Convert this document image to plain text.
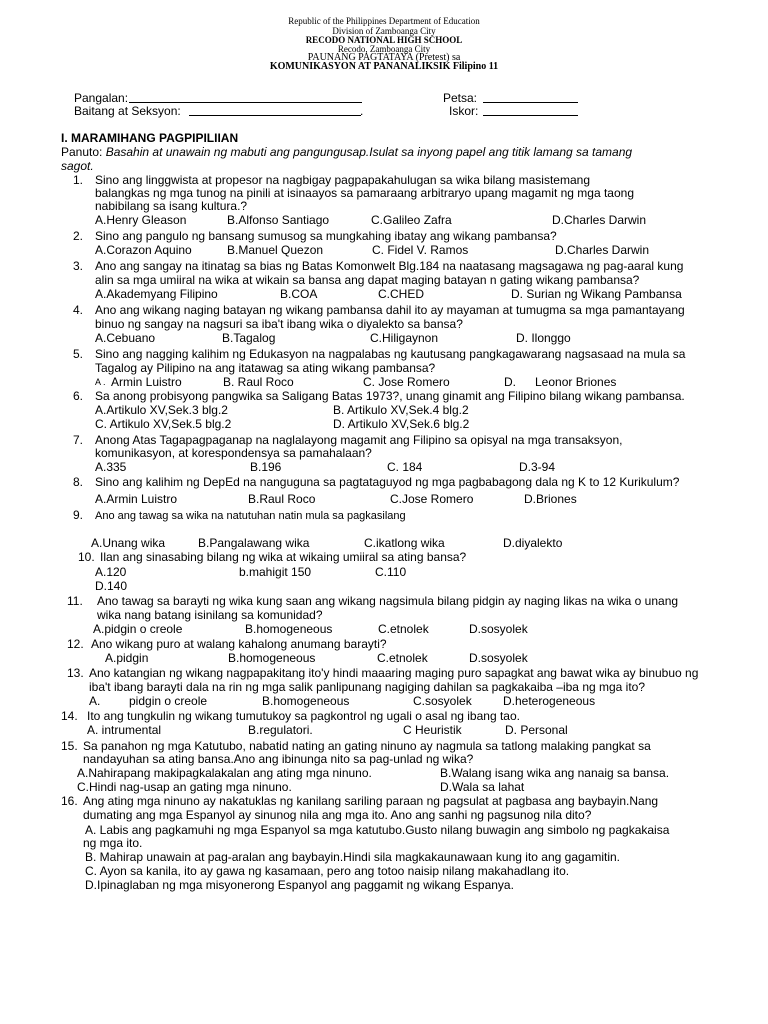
Republic of the Philippines Department of Education
Division of Zamboanga City
RECODO NATIONAL HIGH SCHOOL
Recodo, Zamboanga City
PAUNANG PAGTATAYA (Pretest) sa
KOMUNIKASYON AT PANANALIKSIK Filipino 11
Pangalan:
Baitang at Seksyon:	.
Petsa:
Iskor:
I. MARAMIHANG PAGPIPILIIAN
Panuto: Basahin at unawain ng mabuti ang pangungusap.Isulat sa inyong papel ang titik lamang sa tamang
sagot.
1. Sino ang linggwista at propesor na nagbigay pagpapakahulugan sa wika bilang masistemang
balangkas ng mga tunog na pinili at isinaayos sa pamaraang arbitraryo upang magamit ng mga taong
nabibilang sa isang kultura.?
A.Henry Gleason	B.Alfonso Santiago	C.Galileo Zafra	D.Charles Darwin
2. Sino ang pangulo ng bansang sumusog sa mungkahing ibatay ang wikang pambansa?
A.Corazon Aquino	B.Manuel Quezon	C. Fidel V. Ramos	D.Charles Darwin
3. Ano ang sangay na itinatag sa bias ng Batas Komonwelt Blg.184 na naatasang magsagawa ng pag-aaral kung
alin sa mga umiiral na wika at wikain sa bansa ang dapat maging batayan n gating wikang pambansa?
A.Akademyang Filipino	B.COA	C.CHED	D. Surian ng Wikang Pambansa
4. Ano ang wikang naging batayan ng wikang pambansa dahil ito ay mayaman at tumugma sa mga pamantayang
binuo ng sangay na nagsuri sa iba't ibang wika o diyalekto sa bansa?
A.Cebuano	B.Tagalog	C.Hiligaynon	D. Ilonggo
5. Sino ang nagging kalihim ng Edukasyon na nagpalabas ng kautusang pangkagawarang nagsasaad na mula sa
Tagalog ay Pilipino na ang itatawag sa ating wikang pambansa?
A . Armin Luistro	B. Raul Roco	C. Jose Romero	D. Leonor Briones
6. Sa anong probisyong pangwika sa Saligang Batas 1973?, unang ginamit ang Filipino bilang wikang pambansa.
A.Artikulo XV,Sek.3 blg.2	B. Artikulo XV,Sek.4 blg.2
C. Artikulo XV,Sek.5 blg.2	D. Artikulo XV,Sek.6 blg.2
7. Anong Atas Tagapagpaganap na naglalayong magamit ang Filipino sa opisyal na mga transaksyon,
komunikasyon, at korespondensya sa pamahalaan?
A.335	B.196	C. 184	D.3-94
8. Sino ang kalihim ng DepEd na nanguguna sa pagtataguyod ng mga pagbabagong dala ng K to 12 Kurikulum?
A.Armin Luistro	B.Raul Roco	C.Jose Romero	D.Briones
9. Ano ang tawag sa wika na natutuhan natin mula sa pagkasilang
A.Unang wika	B.Pangalawang wika	C.ikatlong wika	D.diyalekto
10. Ilan ang sinasabing bilang ng wika at wikaing umiiral sa ating bansa?
A.120	b.mahigit 150	C.110
D.140
11. Ano tawag sa barayti ng wika kung saan ang wikang nagsimula bilang pidgin ay naging likas na wika o unang
wika nang batang isinilang sa komunidad?
A.pidgin o creole	B.homogeneous	C.etnolek	D.sosyolek
12. Ano wikang puro at walang kahalong anumang barayti?
A.pidgin	B.homogeneous	C.etnolek	D.sosyolek
13. Ano katangian ng wikang nagpapakitang ito'y hindi maaaring maging puro sapagkat ang bawat wika ay binubuo ng
iba't ibang barayti dala na rin ng mga salik panlipunang nagiging dahilan sa pagkakaiba –iba ng mga ito?
A. pidgin o creole	B.homogeneous	C.sosyolek	D.heterogeneous
14. Ito ang tungkulin ng wikang tumutukoy sa pagkontrol ng ugali o asal ng ibang tao.
A. intrumental	B.regulatori.	C Heuristik	D. Personal
15. Sa panahon ng mga Katutubo, nabatid nating an gating ninuno ay nagmula sa tatlong malaking pangkat sa
nandayuhan sa ating bansa.Ano ang ibinunga nito sa pag-unlad ng wika?
A.Nahirapang makipagkalakalan ang ating mga ninuno.	B.Walang isang wika ang nanaig sa bansa.
C.Hindi nag-usap an gating mga ninuno.	D.Wala sa lahat
16. Ang ating mga ninuno ay nakatuklas ng kanilang sariling paraan ng pagsulat at pagbasa ang baybayin.Nang
dumating ang mga Espanyol ay sinunog nila ang mga ito. Ano ang sanhi ng pagsunog nila dito?
A. Labis ang pagkamuhi ng mga Espanyol sa mga katutubo.Gusto nilang buwagin ang simbolo ng pagkakaisa
ng mga ito.
B. Mahirap unawain at pag-aralan ang baybayin.Hindi sila magkakaunawaan kung ito ang gagamitin.
C. Ayon sa kanila, ito ay gawa ng kasamaan, pero ang totoo naisip nilang makahadlang ito.
D.Ipinaglaban ng mga misyonerong Espanyol ang paggamit ng wikang Espanya.
